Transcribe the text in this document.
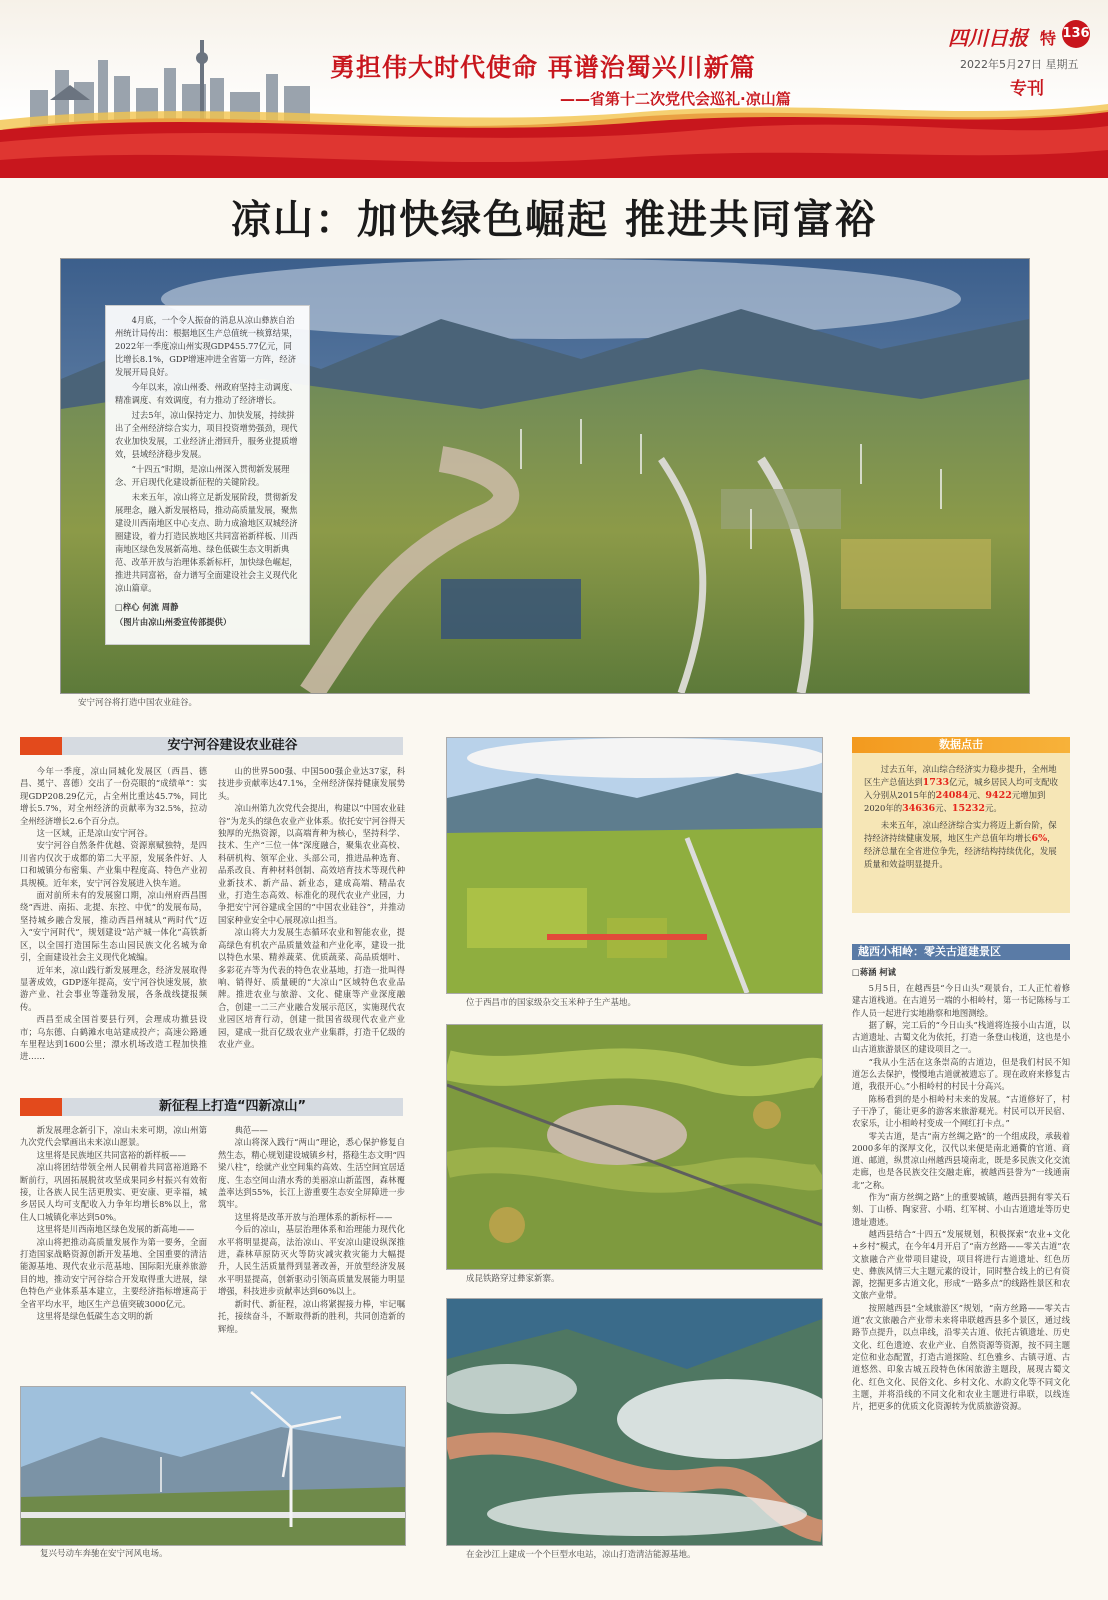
勇担伟大时代使命 再谱治蜀兴川新篇
——省第十二次党代会巡礼·凉山篇
四川日报 特 136
2022年5月27日 星期五
专刊
凉山：加快绿色崛起 推进共同富裕

4月底，一个令人振奋的消息从凉山彝族自治州统计局传出：根据地区生产总值统一核算结果，2022年一季度凉山州实现GDP455.77亿元，同比增长8.1%，GDP增速冲进全省第一方阵，经济发展开局良好。

今年以来，凉山州委、州政府坚持主动调度、精准调度、有效调度，有力推动了经济增长。

过去5年，凉山保持定力、加快发展，持续拼出了全州经济综合实力，项目投资增势强劲，现代农业加快发展，工业经济止滑回升，服务业提质增效，县域经济稳步发展。

“十四五”时期，是凉山州深入贯彻新发展理念、开启现代化建设新征程的关键阶段。

未来五年，凉山将立足新发展阶段，贯彻新发展理念，融入新发展格局，推动高质量发展，聚焦建设川西南地区中心支点、助力成渝地区双城经济圈建设，着力打造民族地区共同富裕新样板、川西南地区绿色发展新高地、绿色低碳生态文明新典范、改革开放与治理体系新标杆，加快绿色崛起，推进共同富裕，奋力谱写全面建设社会主义现代化凉山篇章。

□梓心 何流 周静

（图片由凉山州委宣传部提供）

安宁河谷将打造中国农业硅谷。
安宁河谷建设农业硅谷

今年一季度，凉山同城化发展区（西昌、德昌、冕宁、喜德）交出了一份亮眼的“成绩单”：实现GDP208.29亿元，占全州比重达45.7%，同比增长5.7%，对全州经济的贡献率为32.5%，拉动全州经济增长2.6个百分点。

这一区域，正是凉山安宁河谷。

安宁河谷自然条件优越、资源禀赋独特，是四川省内仅次于成都的第二大平原，发展条件好、人口和城镇分布密集、产业集中程度高、特色产业初具规模。近年来，安宁河谷发展进入快车道。

面对前所未有的发展窗口期，凉山州府西昌围绕“西进、南拓、北提、东控、中优”的发展布局，坚持城乡融合发展，推动西昌州城从“两时代”迈入“安宁河时代”，规划建设“站产城一体化”高铁新区，以全国打造国际生态山园民族文化名城为命引，全面建设社会主义现代化城编。

近年来，凉山践行新发展理念，经济发展取得显著成效，GDP逐年提高，安宁河谷快速发展，旅游产业、社会事业等蓬勃发展，各条战线捷报频传。

西昌至成全国首要县行列，会理成功撤县设市；乌东德、白鹤滩水电站建成投产；高速公路通车里程达到1600公里；漂水机场改造工程加快推进……

山的世界500强、中国500强企业达37家，科技进步贡献率达47.1%，全州经济保持健康发展势头。

凉山州第九次党代会提出，构建以“中国农业硅谷”为龙头的绿色农业产业体系。依托安宁河谷得天独厚的光热资源，以高端育种为核心，坚持科学、技术、生产“三位一体”深度融合，聚集农业高校、科研机构、领军企业、头部公司，推进品种选育、品系改良、育种材料创制、高效培育技术等现代种业新技术、新产品、新业态，建成高端、精品农业，打造生态高效、标准化的现代农业产业园，力争把安宁河谷建成全国的“中国农业硅谷”，并推动国家种业安全中心展现凉山担当。

凉山将大力发展生态循环农业和智能农业，提高绿色有机农产品质量效益和产业化率，建设一批以特色水果、精养蔬菜、优质蔬菜、高品质烟叶、多彩花卉等为代表的特色农业基地，打造一批叫得响、销得好、质量硬的“大凉山”区域特色农业品牌。推进农业与旅游、文化、健康等产业深度融合，创建一二三产业融合发展示范区，实施现代农业园区培育行动，创建一批国省级现代农业产业园，建成一批百亿级农业产业集群，打造千亿级的农业产业。

新征程上打造“四新凉山”

新发展理念新引下，凉山未来可期，凉山州第九次党代会擘画出未来凉山愿景。

这里将是民族地区共同富裕的新样板——

凉山将团结带领全州人民朝着共同富裕道路不断前行，巩固拓展脱贫攻坚成果同乡村振兴有效衔接，让各族人民生活更殷实、更安康、更幸福，城乡居民人均可支配收入力争年均增长8%以上，常住人口城镇化率达到50%。

这里将是川西南地区绿色发展的新高地——

凉山将把推动高质量发展作为第一要务，全面打造国家战略资源创新开发基地、全国重要的清洁能源基地、现代农业示范基地、国际阳光康养旅游目的地，推动安宁河谷综合开发取得重大进展，绿色特色产业体系基本建立，主要经济指标增速高于全省平均水平，地区生产总值突破3000亿元。

这里将是绿色低碳生态文明的新

典范——

凉山将深入践行“两山”理论，悉心保护修复自然生态，精心规划建设城镇乡村，搭稳生态文明“四梁八柱”，绘就产业空间集约高效、生活空间宜居适度、生态空间山清水秀的美丽凉山新蓝图，森林覆盖率达到55%，长江上游重要生态安全屏障进一步筑牢。

这里将是改革开放与治理体系的新标杆——

今后的凉山，基层治理体系和治理能力现代化水平将明显提高，法治凉山、平安凉山建设纵深推进，森林草原防灭火等防灾减灾救灾能力大幅提升，人民生活质量得到显著改善，开放型经济发展水平明显提高，创新驱动引领高质量发展能力明显增强，科技进步贡献率达到60%以上。

新时代、新征程，凉山将紧握接力棒，牢记嘱托，接续奋斗，不断取得新的胜利，共同创造新的辉煌。

复兴号动车奔驰在安宁河风电场。
位于西昌市的国家级杂交玉米种子生产基地。
成昆铁路穿过彝家新寨。
在金沙江上建成一个个巨型水电站，凉山打造清洁能源基地。
数据点击

过去五年，凉山综合经济实力稳步提升，全州地区生产总值达到1733亿元，城乡居民人均可支配收入分别从2015年的24084元、9422元增加到2020年的34636元、15232元。

未来五年，凉山经济综合实力将迈上新台阶，保持经济持续健康发展，地区生产总值年均增长6%，经济总量在全省进位争先，经济结构持续优化，发展质量和效益明显提升。

越西小相岭：零关古道建景区
□蒋涵 柯诚

5月5日，在越西县“今日山头”观景台，工人正忙着修建古道栈道。在古道另一端的小相岭村，第一书记陈杨与工作人员一起进行实地勘察和地图测绘。

据了解，完工后的“今日山头”栈道将连接小山古道，以古道遗址、古蜀文化为依托，打造一条登山栈道，这也是小山古道旅游景区的建设项目之一。

“我从小生活在这条崇高的古道边，但是我们村民不知道怎么去保护，慢慢地古道就被遗忘了。现在政府来修复古道，我很开心。”小相岭村的村民十分高兴。

陈杨看到的是小相岭村未来的发展。“古道修好了，村子干净了，能让更多的游客来旅游观光。村民可以开民宿、农家乐，让小相岭村变成一个网红打卡点。”

零关古道，是古“南方丝绸之路”的一个组成段，承载着2000多年的深厚文化，汉代以来便是南北通衢的官道、商道、邮道，纵贯凉山州越西县境南北，既是多民族文化交流走廊，也是各民族交往交融走廊，被越西县誉为“一线通南北”之称。

作为“南方丝绸之路”上的重要城镇，越西县拥有零关石刻、丁山桥、陶家营、小哨、红军树、小山古道遗址等历史遗址遗迹。

越西县结合“十四五”发展规划，积极探索“农业+文化+乡村”模式，在今年4月开启了“南方丝路——零关古道”农文旅融合产业带项目建设，项目将进行古道遗址、红色历史、彝族风情三大主题元素的设计，同时整合线上的已有资源，挖掘更多古道文化，形成“一路多点”的线路性景区和农文旅产业带。

按照越西县“全域旅游区”规划，“南方丝路——零关古道”农文旅融合产业带未来将串联越西县多个景区，通过线路节点提升，以点串线，沿零关古道、依托古镇遗址、历史文化、红色遗迹、农业产业、自然资源等资源，按不同主题定位和业态配置，打造古道探险、红色雅乡、古镇寻道、古道悠然、印象古城五段特色休闲旅游主题段，展现古蜀文化、红色文化、民俗文化、乡村文化、水韵文化等不同文化主题，并将沿线的不同文化和农业主题进行串联，以线连片，把更多的优质文化资源转为优质旅游资源。
